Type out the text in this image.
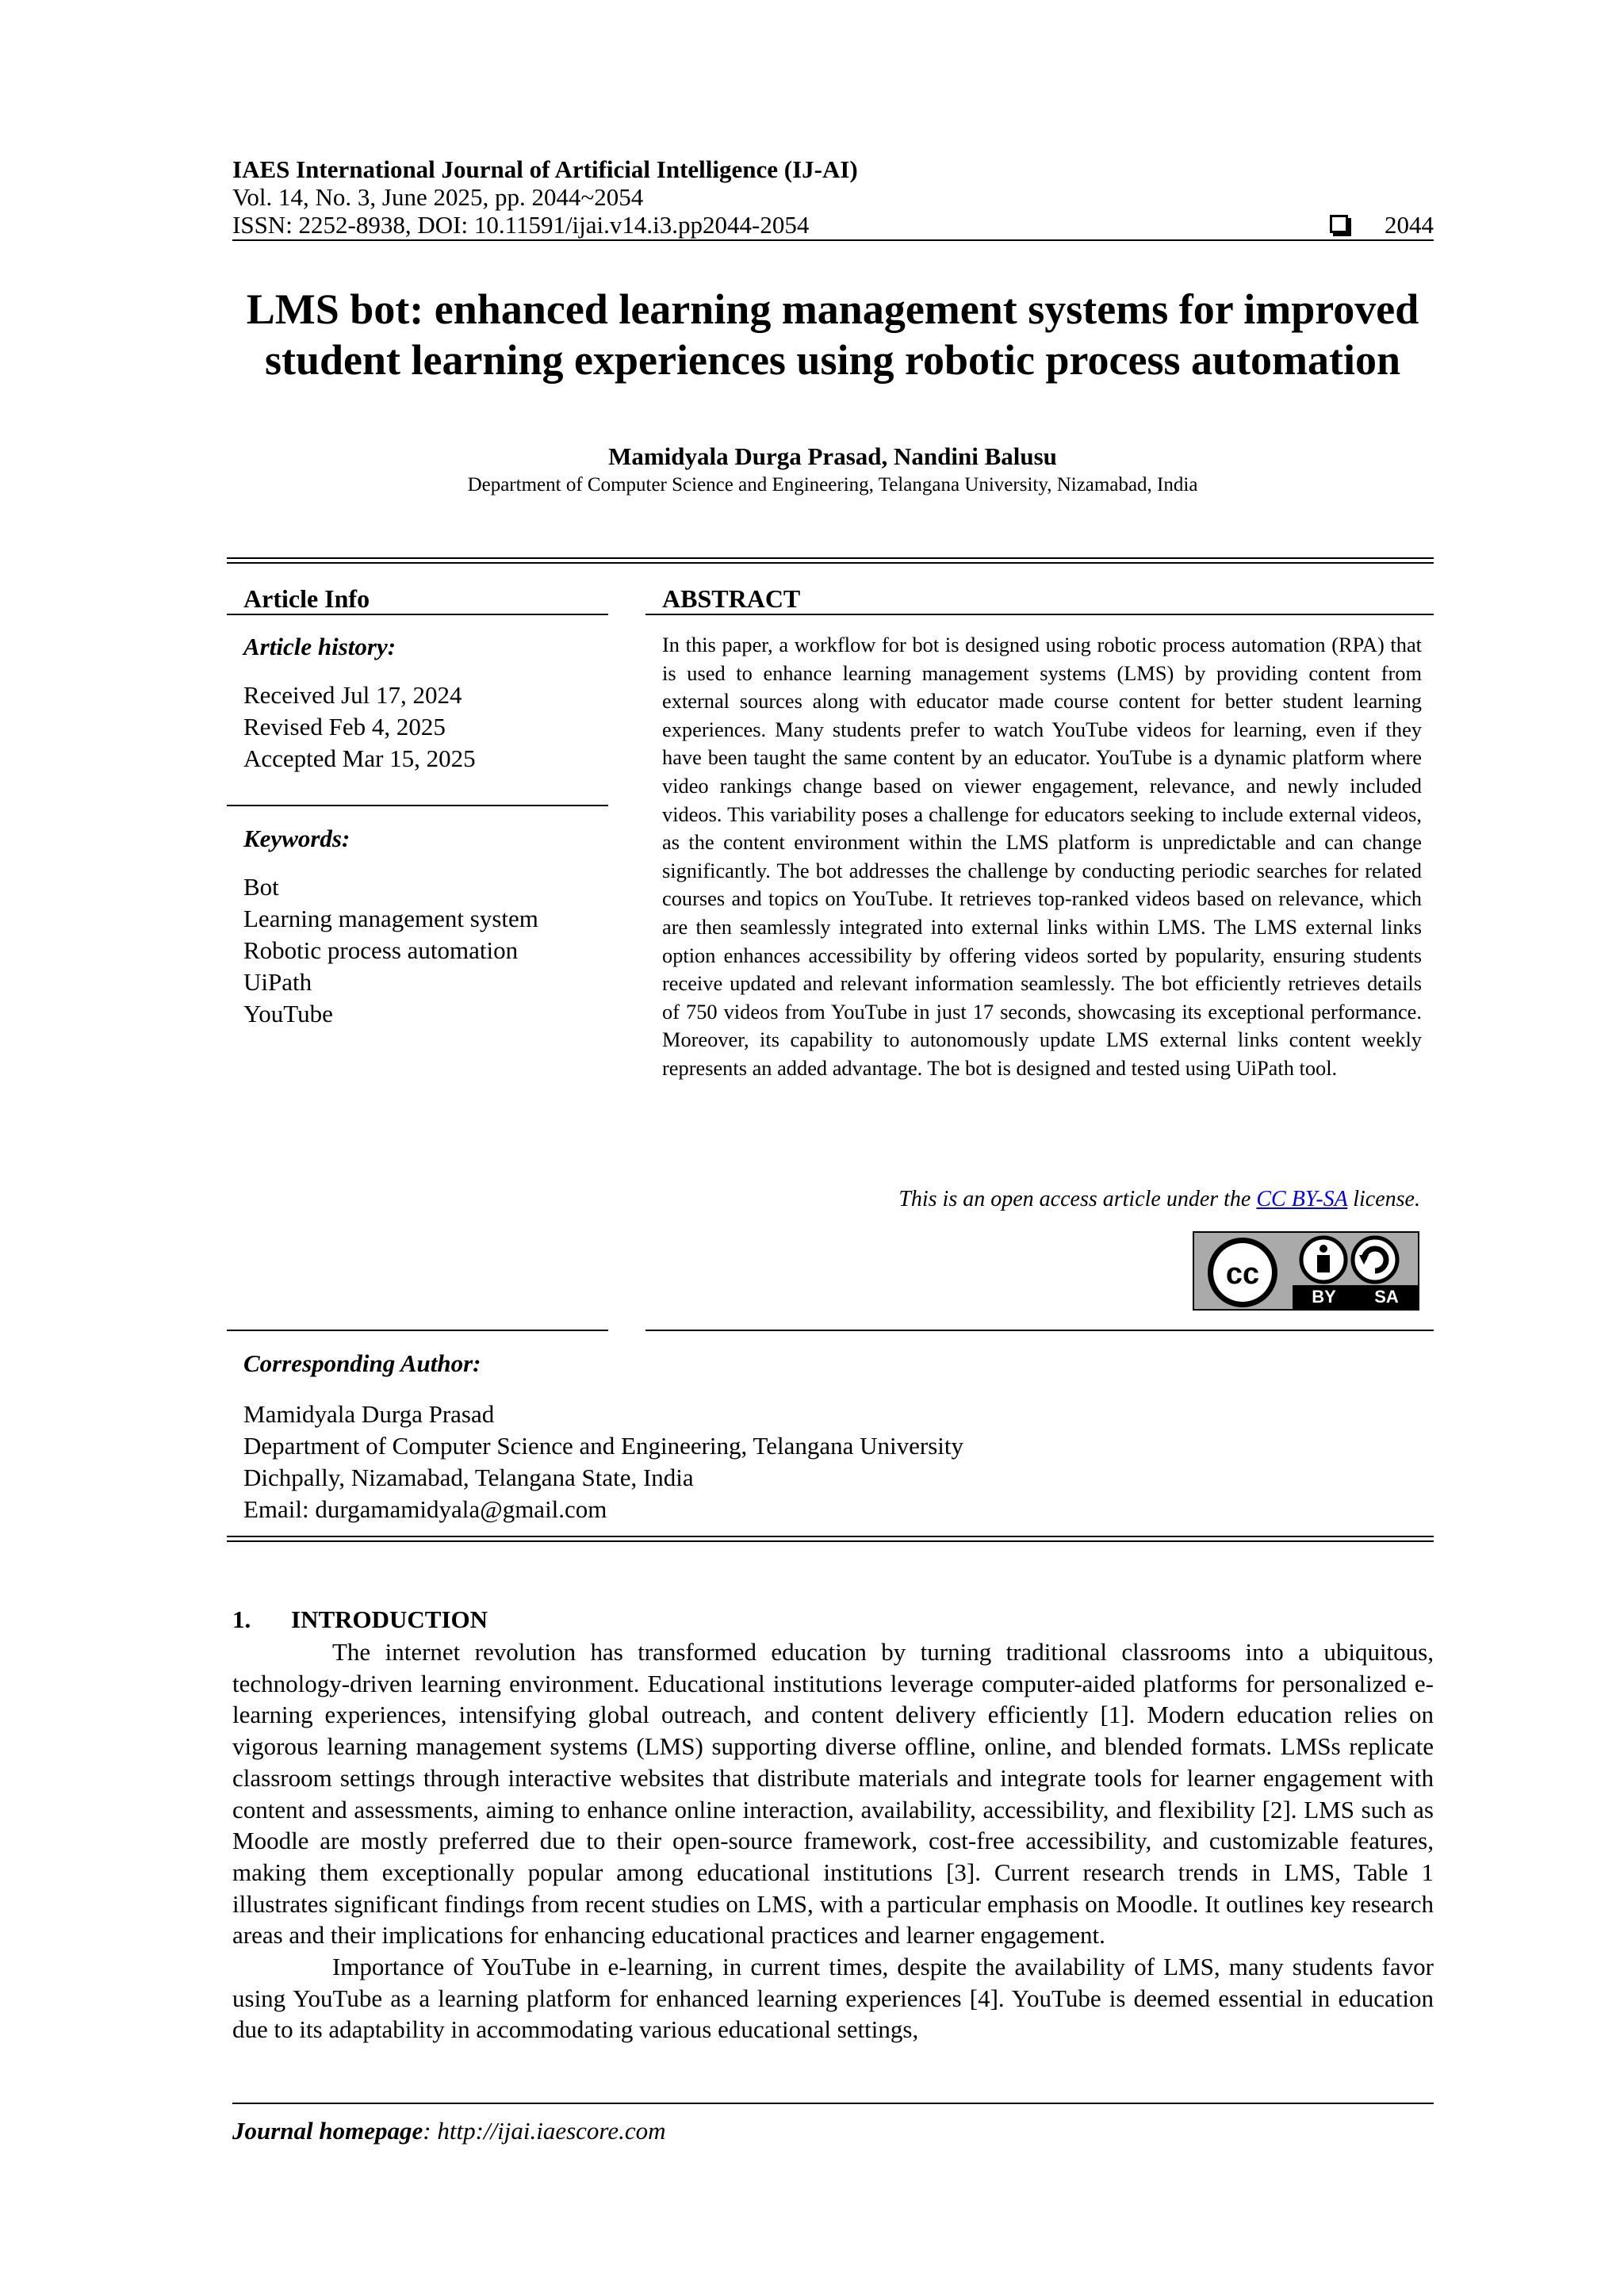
IAES International Journal of Artificial Intelligence (IJ-AI)
Vol. 14, No. 3, June 2025, pp. 2044~2054
ISSN: 2252-8938, DOI: 10.11591/ijai.v14.i3.pp2044-2054	2044
LMS bot: enhanced learning management systems for improved
student learning experiences using robotic process automation
Mamidyala Durga Prasad, Nandini Balusu
Department of Computer Science and Engineering, Telangana University, Nizamabad, India
Article Info
Article history:
Received Jul 17, 2024
Revised Feb 4, 2025
Accepted Mar 15, 2025
Keywords:
Bot
Learning management system
Robotic process automation
UiPath
YouTube
ABSTRACT
In this paper, a workflow for bot is designed using robotic process automation (RPA) that is used to enhance learning management systems (LMS) by providing content from external sources along with educator made course content for better student learning experiences. Many students prefer to watch YouTube videos for learning, even if they have been taught the same content by an educator. YouTube is a dynamic platform where video rankings change based on viewer engagement, relevance, and newly included videos. This variability poses a challenge for educators seeking to include external videos, as the content environment within the LMS platform is unpredictable and can change significantly. The bot addresses the challenge by conducting periodic searches for related courses and topics on YouTube. It retrieves top-ranked videos based on relevance, which are then seamlessly integrated into external links within LMS. The LMS external links option enhances accessibility by offering videos sorted by popularity, ensuring students receive updated and relevant information seamlessly. The bot efficiently retrieves details of 750 videos from YouTube in just 17 seconds, showcasing its exceptional performance. Moreover, its capability to autonomously update LMS external links content weekly represents an added advantage. The bot is designed and tested using UiPath tool.
This is an open access article under the CC BY-SA license.
cc
BY SA
Corresponding Author:
Mamidyala Durga Prasad
Department of Computer Science and Engineering, Telangana University
Dichpally, Nizamabad, Telangana State, India
Email: durgamamidyala@gmail.com
1. INTRODUCTION

The internet revolution has transformed education by turning traditional classrooms into a ubiquitous, technology-driven learning environment. Educational institutions leverage computer-aided platforms for personalized e-learning experiences, intensifying global outreach, and content delivery efficiently [1]. Modern education relies on vigorous learning management systems (LMS) supporting diverse offline, online, and blended formats. LMSs replicate classroom settings through interactive websites that distribute materials and integrate tools for learner engagement with content and assessments, aiming to enhance online interaction, availability, accessibility, and flexibility [2]. LMS such as Moodle are mostly preferred due to their open-source framework, cost-free accessibility, and customizable features, making them exceptionally popular among educational institutions [3]. Current research trends in LMS, Table 1 illustrates significant findings from recent studies on LMS, with a particular emphasis on Moodle. It outlines key research areas and their implications for enhancing educational practices and learner engagement.

Importance of YouTube in e-learning, in current times, despite the availability of LMS, many students favor using YouTube as a learning platform for enhanced learning experiences [4]. YouTube is deemed essential in education due to its adaptability in accommodating various educational settings,

Journal homepage: http://ijai.iaescore.com
